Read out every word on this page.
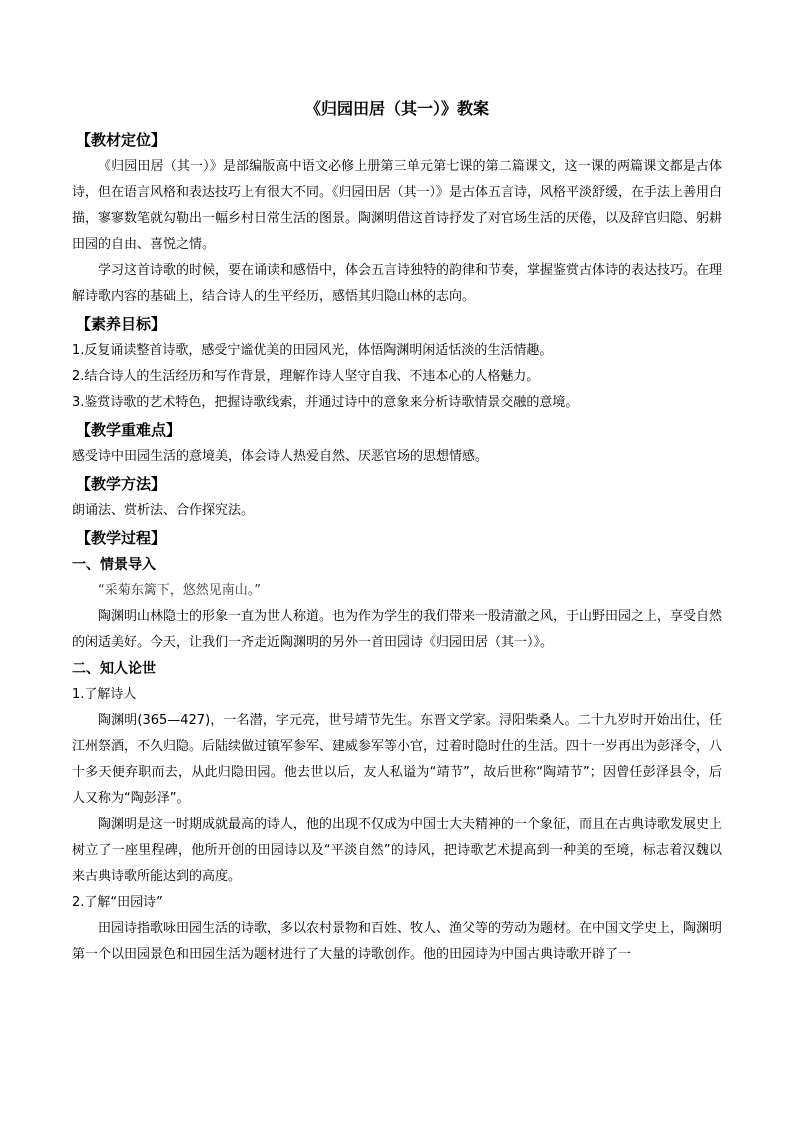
《归园田居（其一）》教案
【教材定位】

《归园田居（其一）》是部编版高中语文必修上册第三单元第七课的第二篇课文，这一课的两篇课文都是古体诗，但在语言风格和表达技巧上有很大不同。《归园田居（其一）》是古体五言诗，风格平淡舒缓，在手法上善用白描，寥寥数笔就勾勒出一幅乡村日常生活的图景。陶渊明借这首诗抒发了对官场生活的厌倦，以及辞官归隐、躬耕田园的自由、喜悦之情。

学习这首诗歌的时候，要在诵读和感悟中，体会五言诗独特的韵律和节奏，掌握鉴赏古体诗的表达技巧。在理解诗歌内容的基础上，结合诗人的生平经历，感悟其归隐山林的志向。

【素养目标】
1.反复诵读整首诗歌，感受宁谧优美的田园风光，体悟陶渊明闲适恬淡的生活情趣。
2.结合诗人的生活经历和写作背景，理解作诗人坚守自我、不违本心的人格魅力。
3.鉴赏诗歌的艺术特色，把握诗歌线索，并通过诗中的意象来分析诗歌情景交融的意境。
【教学重难点】
感受诗中田园生活的意境美，体会诗人热爱自然、厌恶官场的思想情感。
【教学方法】
朗诵法、赏析法、合作探究法。
【教学过程】
一、情景导入

“采菊东篱下，悠然见南山。”

陶渊明山林隐士的形象一直为世人称道。也为作为学生的我们带来一股清澈之风，于山野田园之上，享受自然的闲适美好。今天，让我们一齐走近陶渊明的另外一首田园诗《归园田居（其一）》。

二、知人论世
1.了解诗人

陶渊明(365—427)，一名潜，字元亮，世号靖节先生。东晋文学家。浔阳柴桑人。二十九岁时开始出仕，任江州祭酒，不久归隐。后陆续做过镇军参军、建威参军等小官，过着时隐时仕的生活。四十一岁再出为彭泽令，八十多天便弃职而去，从此归隐田园。他去世以后，友人私谥为“靖节”，故后世称“陶靖节”；因曾任彭泽县令，后人又称为“陶彭泽”。

陶渊明是这一时期成就最高的诗人，他的出现不仅成为中国士大夫精神的一个象征，而且在古典诗歌发展史上树立了一座里程碑，他所开创的田园诗以及“平淡自然”的诗风，把诗歌艺术提高到一种美的至境，标志着汉魏以来古典诗歌所能达到的高度。

2.了解“田园诗”

田园诗指歌咏田园生活的诗歌，多以农村景物和百姓、牧人、渔父等的劳动为题材。在中国文学史上，陶渊明第一个以田园景色和田园生活为题材进行了大量的诗歌创作。他的田园诗为中国古典诗歌开辟了一
